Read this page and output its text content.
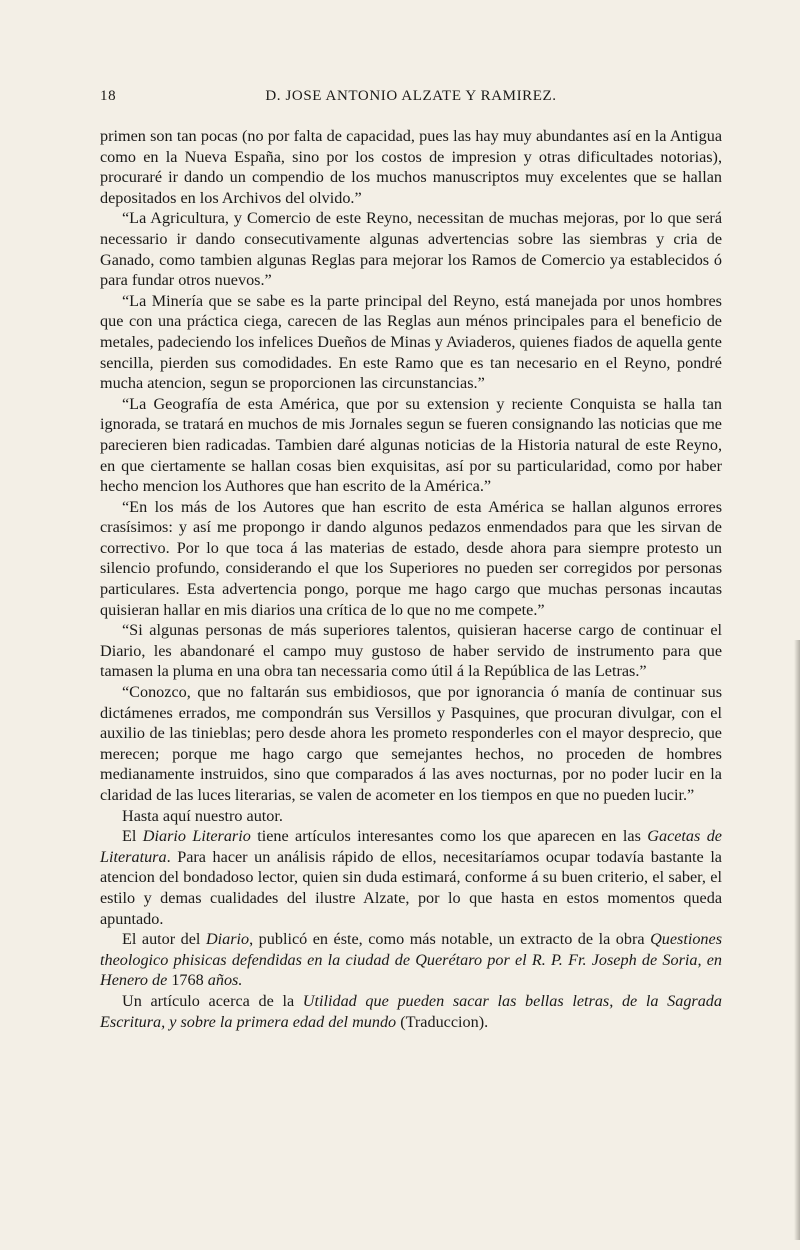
18	D. JOSE ANTONIO ALZATE Y RAMIREZ.

primen son tan pocas (no por falta de capacidad, pues las hay muy abundantes así en la Antigua como en la Nueva España, sino por los costos de impresion y otras dificultades notorias), procuraré ir dando un compendio de los muchos manuscriptos muy excelentes que se hallan depositados en los Archivos del olvido.”

“La Agricultura, y Comercio de este Reyno, necessitan de muchas mejoras, por lo que será necessario ir dando consecutivamente algunas advertencias sobre las siembras y cria de Ganado, como tambien algunas Reglas para mejorar los Ramos de Comercio ya establecidos ó para fundar otros nuevos.”

“La Minería que se sabe es la parte principal del Reyno, está manejada por unos hombres que con una práctica ciega, carecen de las Reglas aun ménos principales para el beneficio de metales, padeciendo los infelices Dueños de Minas y Aviaderos, quienes fiados de aquella gente sencilla, pierden sus comodidades. En este Ramo que es tan necesario en el Reyno, pondré mucha atencion, segun se proporcionen las circunstancias.”

“La Geografía de esta América, que por su extension y reciente Conquista se halla tan ignorada, se tratará en muchos de mis Jornales segun se fueren consignando las noticias que me parecieren bien radicadas. Tambien daré algunas noticias de la Historia natural de este Reyno, en que ciertamente se hallan cosas bien exquisitas, así por su particularidad, como por haber hecho mencion los Authores que han escrito de la América.”

“En los más de los Autores que han escrito de esta América se hallan algunos errores crasísimos: y así me propongo ir dando algunos pedazos enmendados para que les sirvan de correctivo. Por lo que toca á las materias de estado, desde ahora para siempre protesto un silencio profundo, considerando el que los Superiores no pueden ser corregidos por personas particulares. Esta advertencia pongo, porque me hago cargo que muchas personas incautas quisieran hallar en mis diarios una crítica de lo que no me compete.”

“Si algunas personas de más superiores talentos, quisieran hacerse cargo de continuar el Diario, les abandonaré el campo muy gustoso de haber servido de instrumento para que tamasen la pluma en una obra tan necessaria como útil á la República de las Letras.”

“Conozco, que no faltarán sus embidiosos, que por ignorancia ó manía de continuar sus dictámenes errados, me compondrán sus Versillos y Pasquines, que procuran divulgar, con el auxilio de las tinieblas; pero desde ahora les prometo responderles con el mayor desprecio, que merecen; porque me hago cargo que semejantes hechos, no proceden de hombres medianamente instruidos, sino que comparados á las aves nocturnas, por no poder lucir en la claridad de las luces literarias, se valen de acometer en los tiempos en que no pueden lucir.”

Hasta aquí nuestro autor.

El Diario Literario tiene artículos interesantes como los que aparecen en las Gacetas de Literatura. Para hacer un análisis rápido de ellos, necesitaríamos ocupar todavía bastante la atencion del bondadoso lector, quien sin duda estimará, conforme á su buen criterio, el saber, el estilo y demas cualidades del ilustre Alzate, por lo que hasta en estos momentos queda apuntado.

El autor del Diario, publicó en éste, como más notable, un extracto de la obra Questiones theologico phisicas defendidas en la ciudad de Querétaro por el R. P. Fr. Joseph de Soria, en Henero de 1768 años.

Un artículo acerca de la Utilidad que pueden sacar las bellas letras, de la Sagrada Escritura, y sobre la primera edad del mundo (Traduccion).
